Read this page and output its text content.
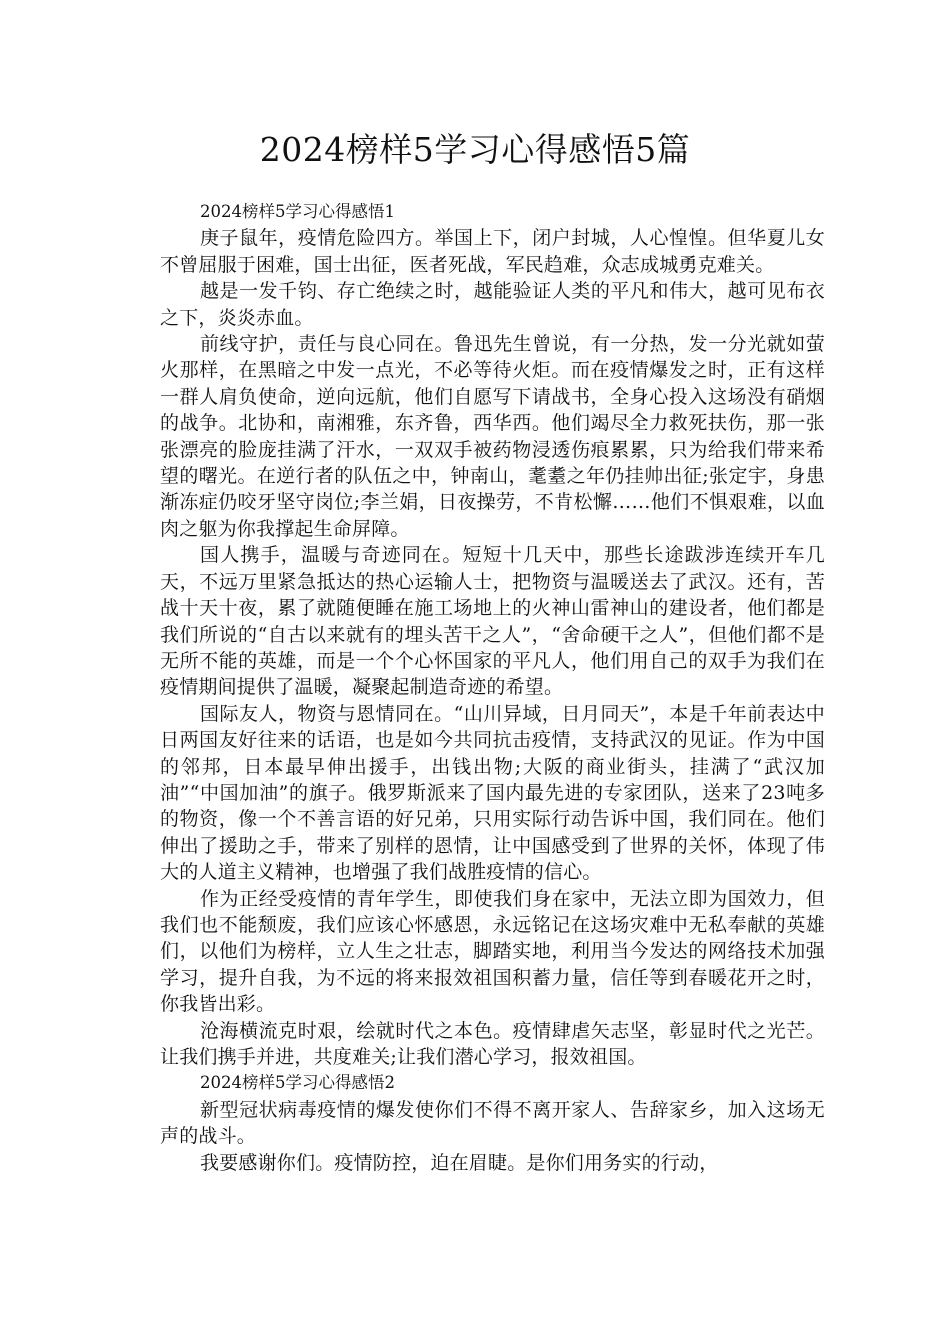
2024榜样5学习心得感悟5篇

2024榜样5学习心得感悟1

庚子鼠年，疫情危险四方。举国上下，闭户封城，人心惶惶。但华夏儿女不曾屈服于困难，国士出征，医者死战，军民趋难，众志成城勇克难关。

越是一发千钧、存亡绝续之时，越能验证人类的平凡和伟大，越可见布衣之下，炎炎赤血。

前线守护，责任与良心同在。鲁迅先生曾说，有一分热，发一分光就如萤火那样，在黑暗之中发一点光，不必等待火炬。而在疫情爆发之时，正有这样一群人肩负使命，逆向远航，他们自愿写下请战书，全身心投入这场没有硝烟的战争。北协和，南湘雅，东齐鲁，西华西。他们竭尽全力救死扶伤，那一张张漂亮的脸庞挂满了汗水，一双双手被药物浸透伤痕累累，只为给我们带来希望的曙光。在逆行者的队伍之中，钟南山，耄耋之年仍挂帅出征;张定宇，身患渐冻症仍咬牙坚守岗位;李兰娟，日夜操劳，不肯松懈……他们不惧艰难，以血肉之躯为你我撑起生命屏障。

国人携手，温暖与奇迹同在。短短十几天中，那些长途跋涉连续开车几天，不远万里紧急抵达的热心运输人士，把物资与温暖送去了武汉。还有，苦战十天十夜，累了就随便睡在施工场地上的火神山雷神山的建设者，他们都是我们所说的“自古以来就有的埋头苦干之人”，“舍命硬干之人”，但他们都不是无所不能的英雄，而是一个个心怀国家的平凡人，他们用自己的双手为我们在疫情期间提供了温暖，凝聚起制造奇迹的希望。

国际友人，物资与恩情同在。“山川异域，日月同天”，本是千年前表达中日两国友好往来的话语，也是如今共同抗击疫情，支持武汉的见证。作为中国的邻邦，日本最早伸出援手，出钱出物;大阪的商业街头，挂满了“武汉加油”“中国加油”的旗子。俄罗斯派来了国内最先进的专家团队，送来了23吨多的物资，像一个不善言语的好兄弟，只用实际行动告诉中国，我们同在。他们伸出了援助之手，带来了别样的恩情，让中国感受到了世界的关怀，体现了伟大的人道主义精神，也增强了我们战胜疫情的信心。

作为正经受疫情的青年学生，即使我们身在家中，无法立即为国效力，但我们也不能颓废，我们应该心怀感恩，永远铭记在这场灾难中无私奉献的英雄们，以他们为榜样，立人生之壮志，脚踏实地，利用当今发达的网络技术加强学习，提升自我，为不远的将来报效祖国积蓄力量，信任等到春暖花开之时，你我皆出彩。

沧海横流克时艰，绘就时代之本色。疫情肆虐矢志坚，彰显时代之光芒。让我们携手并进，共度难关;让我们潜心学习，报效祖国。

2024榜样5学习心得感悟2

新型冠状病毒疫情的爆发使你们不得不离开家人、告辞家乡，加入这场无声的战斗。

我要感谢你们。疫情防控，迫在眉睫。是你们用务实的行动，
